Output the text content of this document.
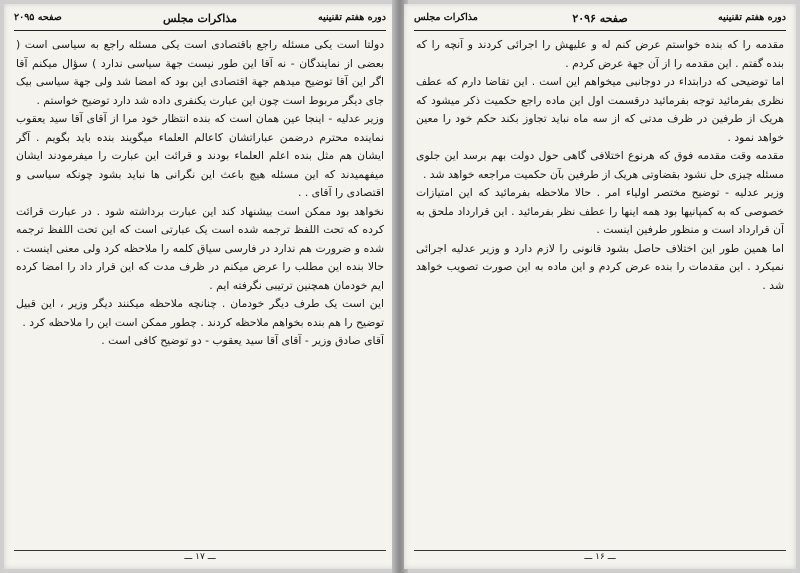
صفحه ۲۰۹۵	مذاکرات مجلس	دوره هفتم تقنینیه

دولتا است یکی مسئله راجع باقتصادی است یکی مسئله راجع به سیاسی است ( بعضی از نمایندگان - نه آقا این طور نیست جهة سیاسی ندارد ) سؤال میکنم آقا اگر این آقا توضیح میدهم جهة اقتصادی این بود که امضا شد ولی جهة سیاسی بیک جای دیگر مربوط است چون این عبارت یکنفری داده شد دارد توضیح خواستم .

وزیر عدلیه - اینجا عین همان است که بنده انتظار خود مرا از آقای آقا سید یعقوب نماینده محترم درضمن عباراتشان کاعالم العلماء میگویند بنده باید بگویم . آگر ایشان هم مثل بنده اعلم العلماء بودند و قرائت این عبارت را میفرمودند ایشان میفهمیدند که این مسئله هیچ باعث این نگرانی ها نباید بشود چونکه سیاسی و اقتصادی را آقای . .

نخواهد بود ممکن است بیشنهاد کند این عبارت برداشته شود . در عبارت قرائت کرده که تحت اللفظ ترجمه شده است یک عبارتی است که این تحت اللفظ ترجمه شده و ضرورت هم ندارد در فارسی سیاق کلمه را ملاحظه کرد ولی معنی اینست . حالا بنده این مطلب را عرض میکنم در ظرف مدت که این قرار داد را امضا کرده ایم خودمان همچنین ترتیبی نگرفته ایم .

این است یک طرف دیگر خودمان . چنانچه ملاحظه میکنند دیگر وزیر ، این قبیل توضیح را هم بنده بخواهم ملاحظه کردند . چطور ممکن است این را ملاحظه کرد .

آقای صادق وزیر - آقای آقا سید یعقوب - دو توضیح کافی است .

ـــ ۱۷ ـــ
مذاکرات مجلس	صفحه ۲۰۹۶	دوره هفتم تقنینیه

مقدمه را که بنده خواستم عرض کنم له و علیهش را اجرائی کردند و آنچه را که بنده گفتم . این مقدمه را از آن جهة عرض کردم .

اما توضیحی که درابتداء در دوجانبی میخواهم این است . این تقاضا دارم که عطف نظری بفرمائید توجه بفرمائید درقسمت اول این ماده راجع حکمیت ذکر میشود که هریک از طرفین در ظرف مدتی که از سه ماه نباید تجاوز بکند حکم خود را معین خواهد نمود .

مقدمه وقت مقدمه فوق که هرنوع اختلافی گاهی حول دولت بهم برسد این جلوی مسئله چیزی حل نشود بقضاوتی هریک از طرفین بآن حکمیت مراجعه خواهد شد .

وزیر عدلیه - توضیح مختصر اولیاء امر . حالا ملاحظه بفرمائید که این امتیازات خصوصی که به کمپانیها بود همه اینها را عطف نظر بفرمائید . این قرارداد ملحق به آن قرارداد است و منظور طرفین اینست .

اما همین طور این اختلاف حاصل بشود قانونی را لازم دارد و وزیر عدلیه اجرائی نمیکرد . این مقدمات را بنده عرض کردم و این ماده به این صورت تصویب خواهد شد .

ـــ ۱۶ ـــ
